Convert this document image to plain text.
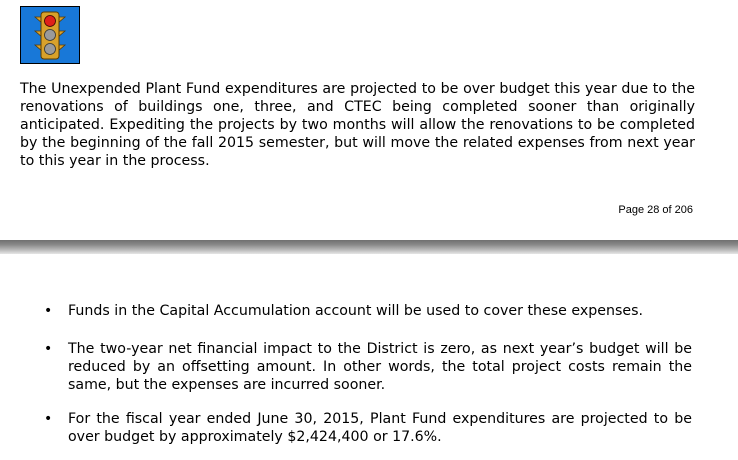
The Unexpended Plant Fund expenditures are projected to be over budget this year due to the renovations of buildings one, three, and CTEC being completed sooner than originally anticipated. Expediting the projects by two months will allow the renovations to be completed by the beginning of the fall 2015 semester, but will move the related expenses from next year to this year in the process.

Page 28 of 206
• Funds in the Capital Accumulation account will be used to cover these expenses.

• The two-year net financial impact to the District is zero, as next year’s budget will be reduced by an offsetting amount. In other words, the total project costs remain the same, but the expenses are incurred sooner.

• For the fiscal year ended June 30, 2015, Plant Fund expenditures are projected to be over budget by approximately $2,424,400 or 17.6%.
